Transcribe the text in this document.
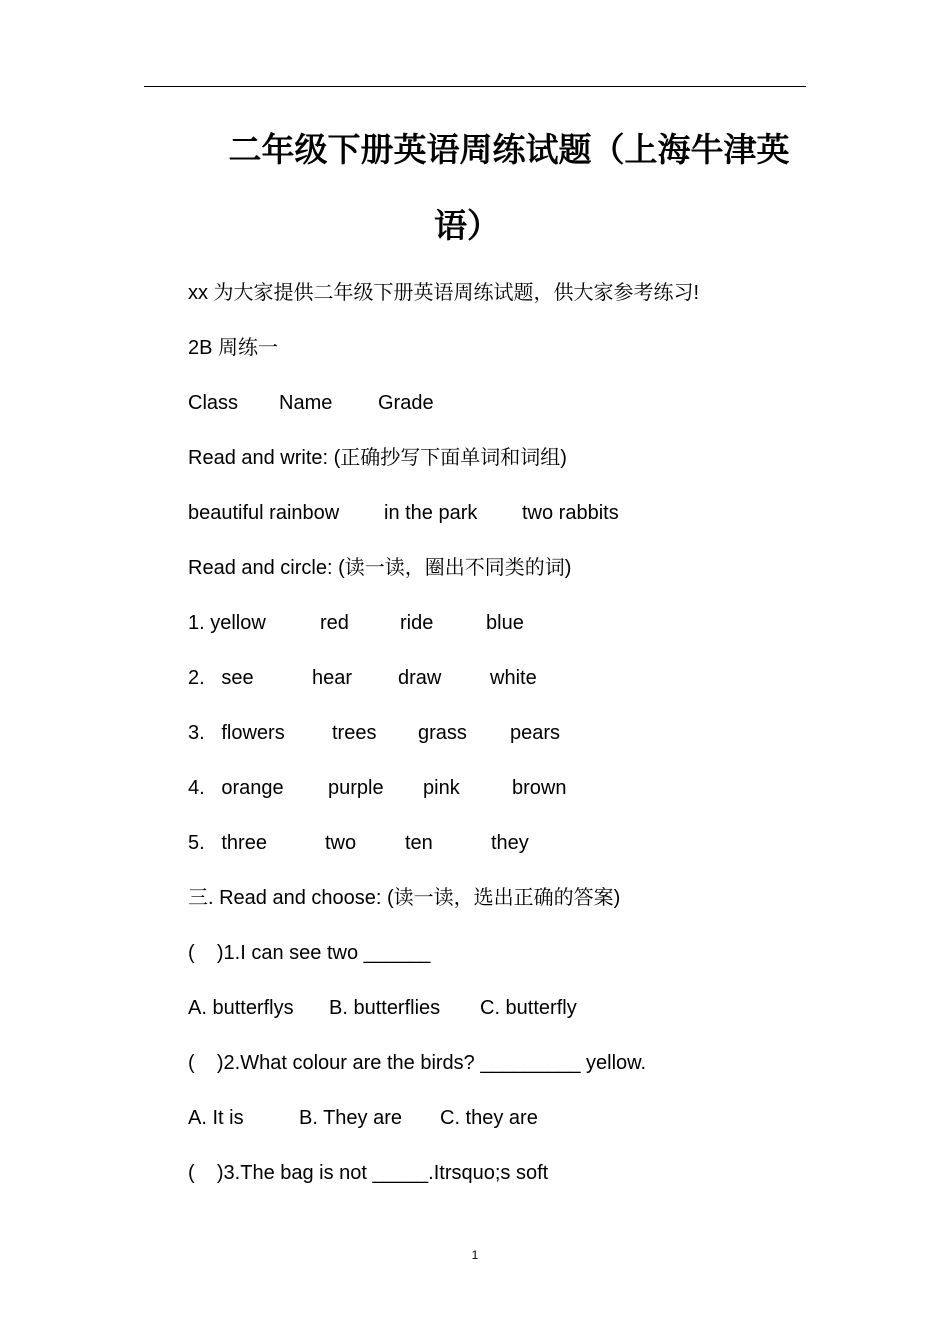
二年级下册英语周练试题（上海牛津英
语）
xx 为大家提供二年级下册英语周练试题，供大家参考练习!
2B 周练一

Class

Name

Grade

Read and write: (正确抄写下面单词和词组)

beautiful rainbow

in the park

two rabbits

Read and circle: (读一读，圈出不同类的词)

1. yellow

	red

	ride

	blue

2.   see

	hear

draw

white

3.   flowers

trees

grass

pears

4.   orange

purple

pink

	brown

5.   three

	two

ten

	they

三. Read and choose: (读一读，选出正确的答案)
(    )1.I can see two ______

A. butterflys

B. butterflies

C. butterfly

(    )2.What colour are the birds? _________ yellow.

A. It is

	B. They are

C. they are

(    )3.The bag is not _____.Itrsquo;s soft
1
